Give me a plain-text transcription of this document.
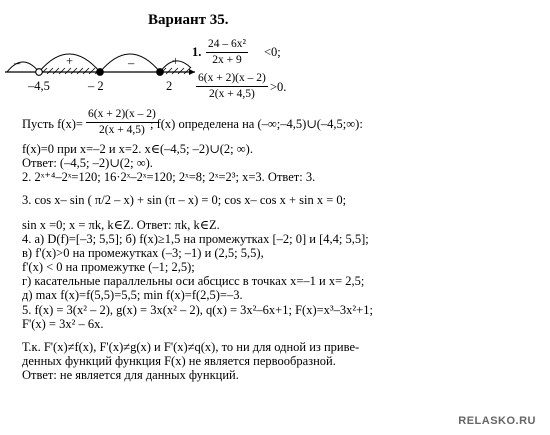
Вариант 35.
–	+	–	+
–4,5	– 2	2
1. $\frac{\text{24 – 6x²}}{2x + 9} <0$;
$\frac{6(x + 2)(x - 2)}{2(x + 4,5)} >0$.
Пусть $f(x)= \frac{6(x + 2)(x - 2)}{2(x + 4,5)}$
; f(x) определена на (–∞;–4,5)∪(–4,5;∞):
f(x)=0 при x=–2 и x=2. x∈(–4,5; –2)∪(2; ∞).
Ответ: (–4,5; –2)∪(2; ∞).
2. 2ˣ⁺⁴–2ˣ=120; 16·2ˣ–2ˣ=120; 2ˣ=8; 2ˣ=2³; x=3. Ответ: 3.
3. cos x– sin ( π/2 – x) + sin (π – x) = 0; cos x– cos x + sin x = 0;
sin x =0; x = πk, k∈Z. Ответ: πk, k∈Z.
4. а) D(f)=[–3; 5,5]; б) f(x)≥1,5 на промежутках [–2; 0] и [4,4; 5,5];
в) f'(x)>0 на промежутках (–3; –1) и (2,5; 5,5),
f'(x) < 0 на промежутке (–1; 2,5);
г) касательные параллельны оси абсцисс в точках x=–1 и x= 2,5;
д) max f(x)=f(5,5)=5,5; min f(x)=f(2,5)=–3.
5. f(x) = 3(x² – 2), g(x) = 3x(x² – 2), q(x) = 3x²–6x+1; F(x)=x³–3x²+1;
F'(x) = 3x² – 6x.
Т.к. F'(x)≠f(x), F'(x)≠g(x) и F'(x)≠q(x), то ни для одной из приве-
денных функций функция F(x) не является первообразной.
Ответ: не является для данных функций.
RELASKO.RU
